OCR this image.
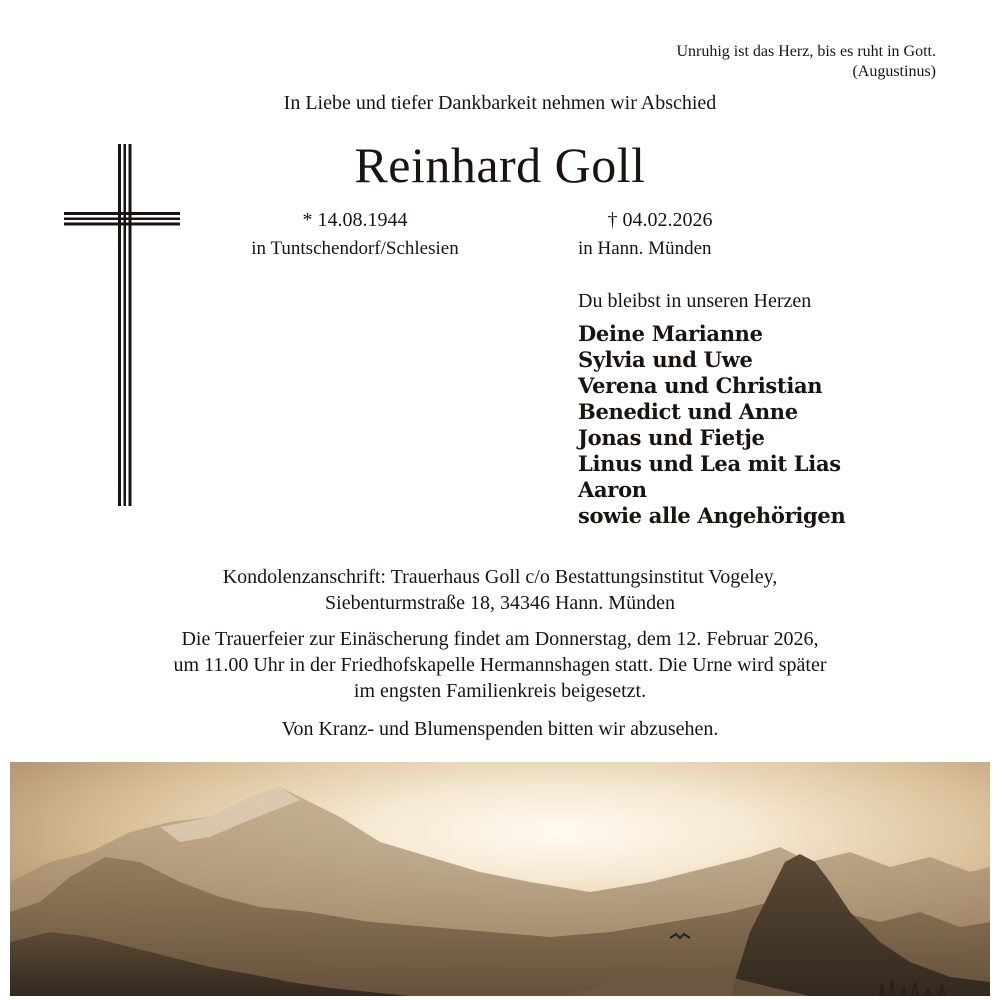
Unruhig ist das Herz, bis es ruht in Gott.
(Augustinus)
In Liebe und tiefer Dankbarkeit nehmen wir Abschied
Reinhard Goll
* 14.08.1944
in Tuntschendorf/Schlesien
† 04.02.2026
in Hann. Münden
Du bleibst in unseren Herzen
Deine Marianne
Sylvia und Uwe
Verena und Christian
Benedict und Anne
Jonas und Fietje
Linus und Lea mit Lias
Aaron
sowie alle Angehörigen
Kondolenzanschrift: Trauerhaus Goll c/o Bestattungsinstitut Vogeley,
Siebenturmstraße 18, 34346 Hann. Münden
Die Trauerfeier zur Einäscherung findet am Donnerstag, dem 12. Februar 2026,
um 11.00 Uhr in der Friedhofskapelle Hermannshagen statt. Die Urne wird später
im engsten Familienkreis beigesetzt.
Von Kranz- und Blumenspenden bitten wir abzusehen.
